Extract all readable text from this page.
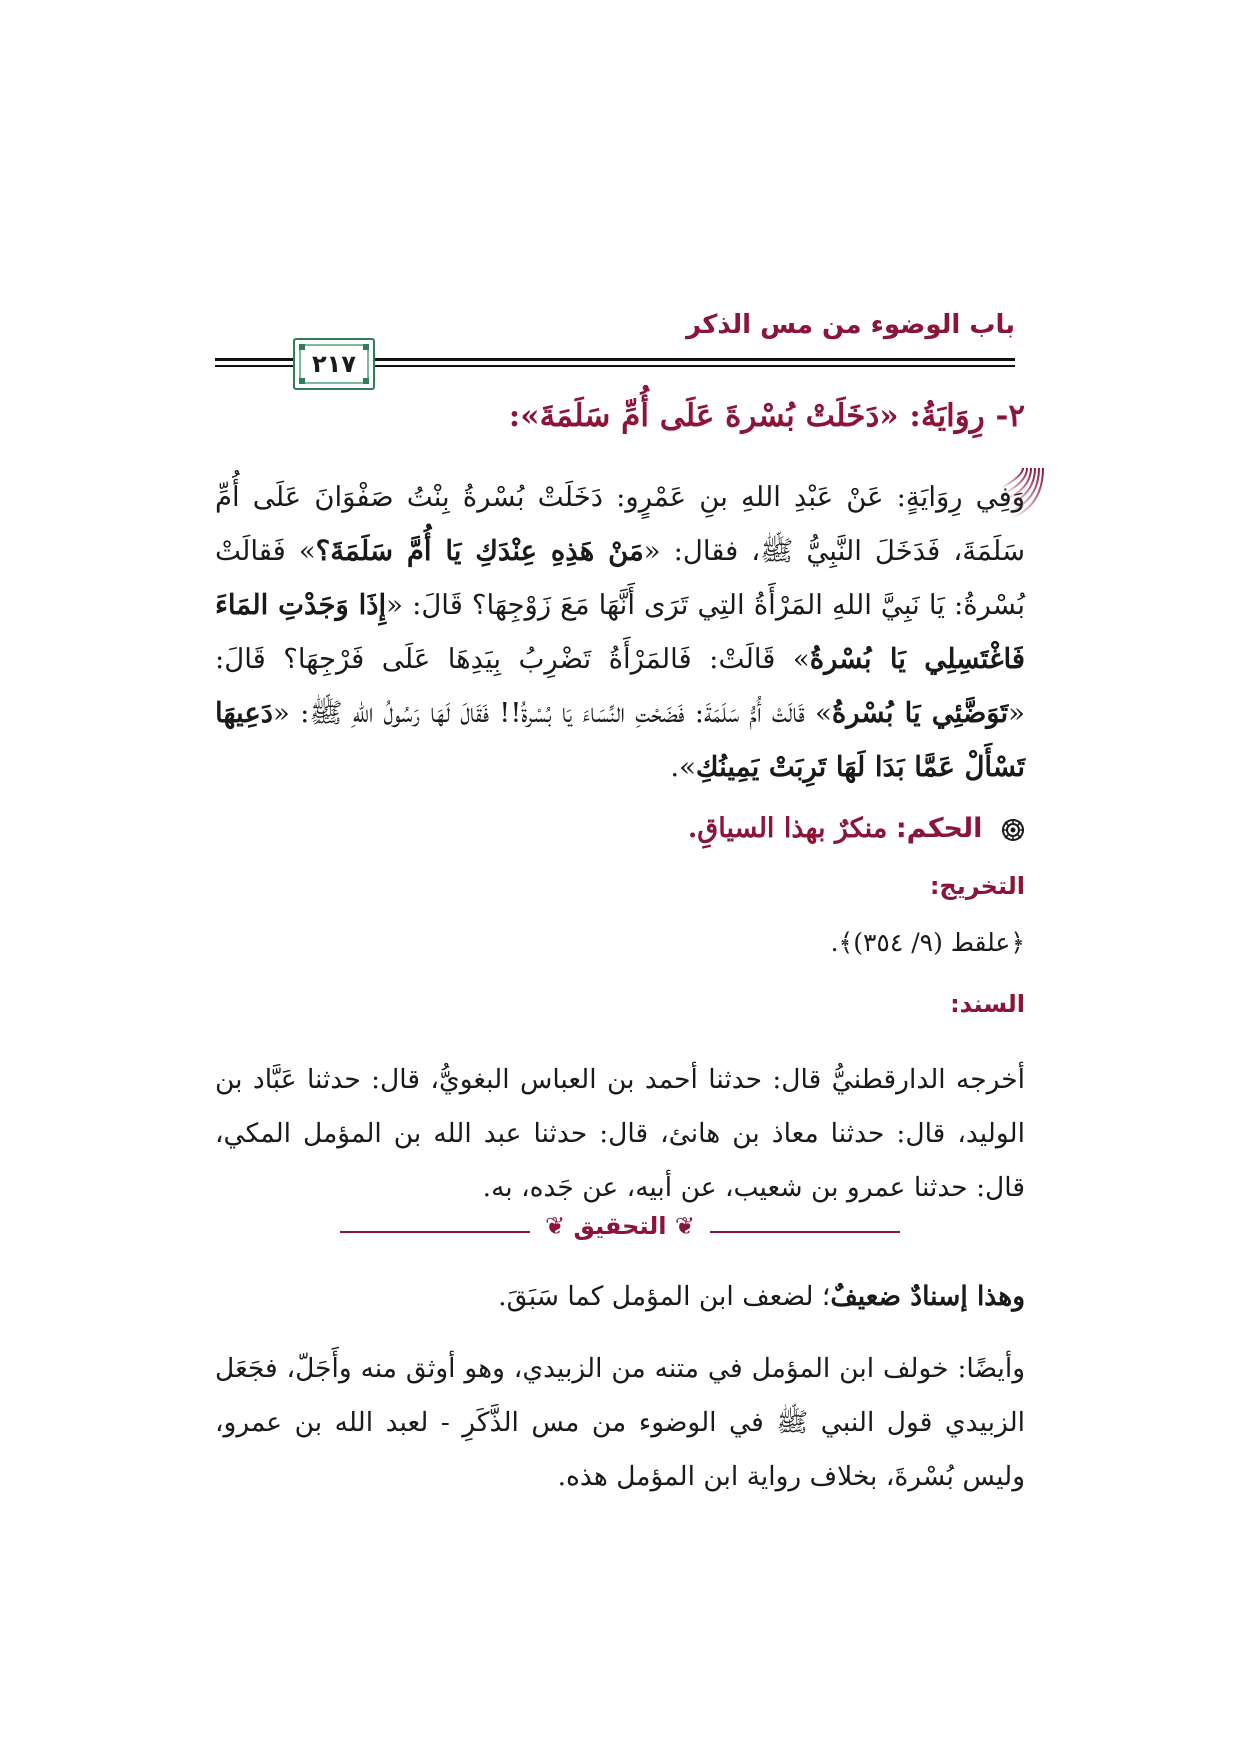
باب الوضوء من مس الذكر
٢١٧
٢- رِوَايَةُ: «دَخَلَتْ بُسْرةَ عَلَى أُمِّ سَلَمَةَ»:

وَفِي رِوَايَةٍ: عَنْ عَبْدِ اللهِ بنِ عَمْرٍو: دَخَلَتْ بُسْرةُ بِنْتُ صَفْوَانَ عَلَى أُمِّ سَلَمَةَ، فَدَخَلَ النَّبِيُّ ﷺ، فقال: «مَنْ هَذِهِ عِنْدَكِ يَا أُمَّ سَلَمَةَ؟» فَقالَتْ بُسْرةُ: يَا نَبِيَّ اللهِ المَرْأَةُ التِي تَرَى أَنَّهَا مَعَ زَوْجِهَا؟ قَالَ: «إِذَا وَجَدْتِ المَاءَ فَاغْتَسِلِي يَا بُسْرةُ» قَالَتْ: فَالمَرْأَةُ تَضْرِبُ بِيَدِهَا عَلَى فَرْجِهَا؟ قَالَ: «تَوَضَّئِي يَا بُسْرةُ» قَالَتْ أُمُّ سَلَمَةَ: فَضَحْتِ النِّسَاءَ يَا بُسْرةُ!! فَقَالَ لَهَا رَسُولُ اللهِ ﷺ: «دَعِيهَا تَسْأَلْ عَمَّا بَدَا لَهَا تَرِبَتْ يَمِينُكِ».

الحكم: منكرٌ بهذا السياقِ.
التخريج:
﴿علقط (٩/ ٣٥٤)﴾.
السند:

أخرجه الدارقطنيُّ قال: حدثنا أحمد بن العباس البغويُّ، قال: حدثنا عَبَّاد بن الوليد، قال: حدثنا معاذ بن هانئ، قال: حدثنا عبد الله بن المؤمل المكي، قال: حدثنا عمرو بن شعيب، عن أبيه، عن جَده، به.

❦ التحقيق ❦

وهذا إسنادٌ ضعيفٌ؛ لضعف ابن المؤمل كما سَبَقَ.

وأيضًا: خولف ابن المؤمل في متنه من الزبيدي، وهو أوثق منه وأَجَلّ، فجَعَل الزبيدي قول النبي ﷺ في الوضوء من مس الذَّكَرِ - لعبد الله بن عمرو، وليس بُسْرةَ، بخلاف رواية ابن المؤمل هذه.
